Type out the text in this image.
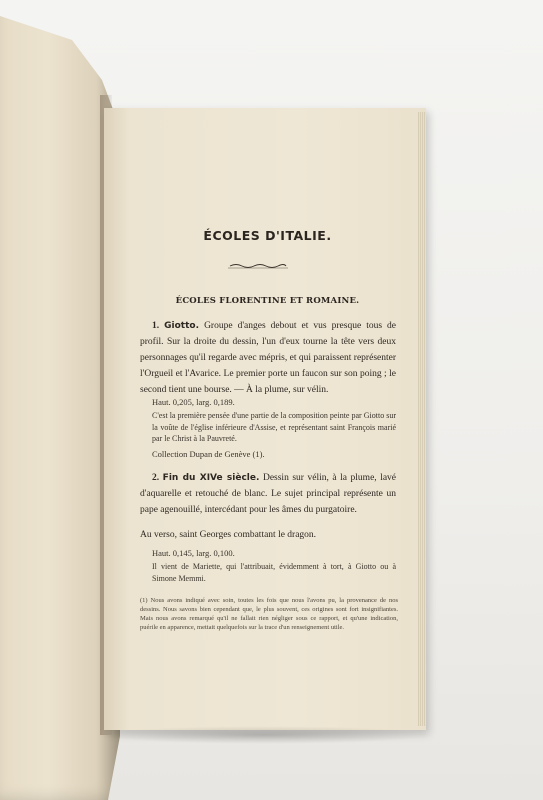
ÉCOLES D'ITALIE.
ÉCOLES FLORENTINE ET ROMAINE.
1. Giotto. Groupe d'anges debout et vus presque tous de profil. Sur la droite du dessin, l'un d'eux tourne la tête vers deux personnages qu'il regarde avec mépris, et qui paraissent représenter l'Orgueil et l'Avarice. Le premier porte un faucon sur son poing ; le second tient une bourse. — À la plume, sur vélin.
Haut. 0,205, larg. 0,189.
C'est la première pensée d'une partie de la composition peinte par Giotto sur la voûte de l'église inférieure d'Assise, et représentant saint François marié par le Christ à la Pauvreté.
Collection Dupan de Genève (1).
2. Fin du XIVe siècle. Dessin sur vélin, à la plume, lavé d'aquarelle et retouché de blanc. Le sujet principal représente un pape agenouillé, intercédant pour les âmes du purgatoire.
Au verso, saint Georges combattant le dragon.
Haut. 0,145, larg. 0,100.
Il vient de Mariette, qui l'attribuait, évidemment à tort, à Giotto ou à Simone Memmi.
(1) Nous avons indiqué avec soin, toutes les fois que nous l'avons pu, la provenance de nos dessins. Nous savons bien cependant que, le plus souvent, ces origines sont fort insignifiantes. Mais nous avons remarqué qu'il ne fallait rien négliger sous ce rapport, et qu'une indication, puérile en apparence, mettait quelquefois sur la trace d'un renseignement utile.
